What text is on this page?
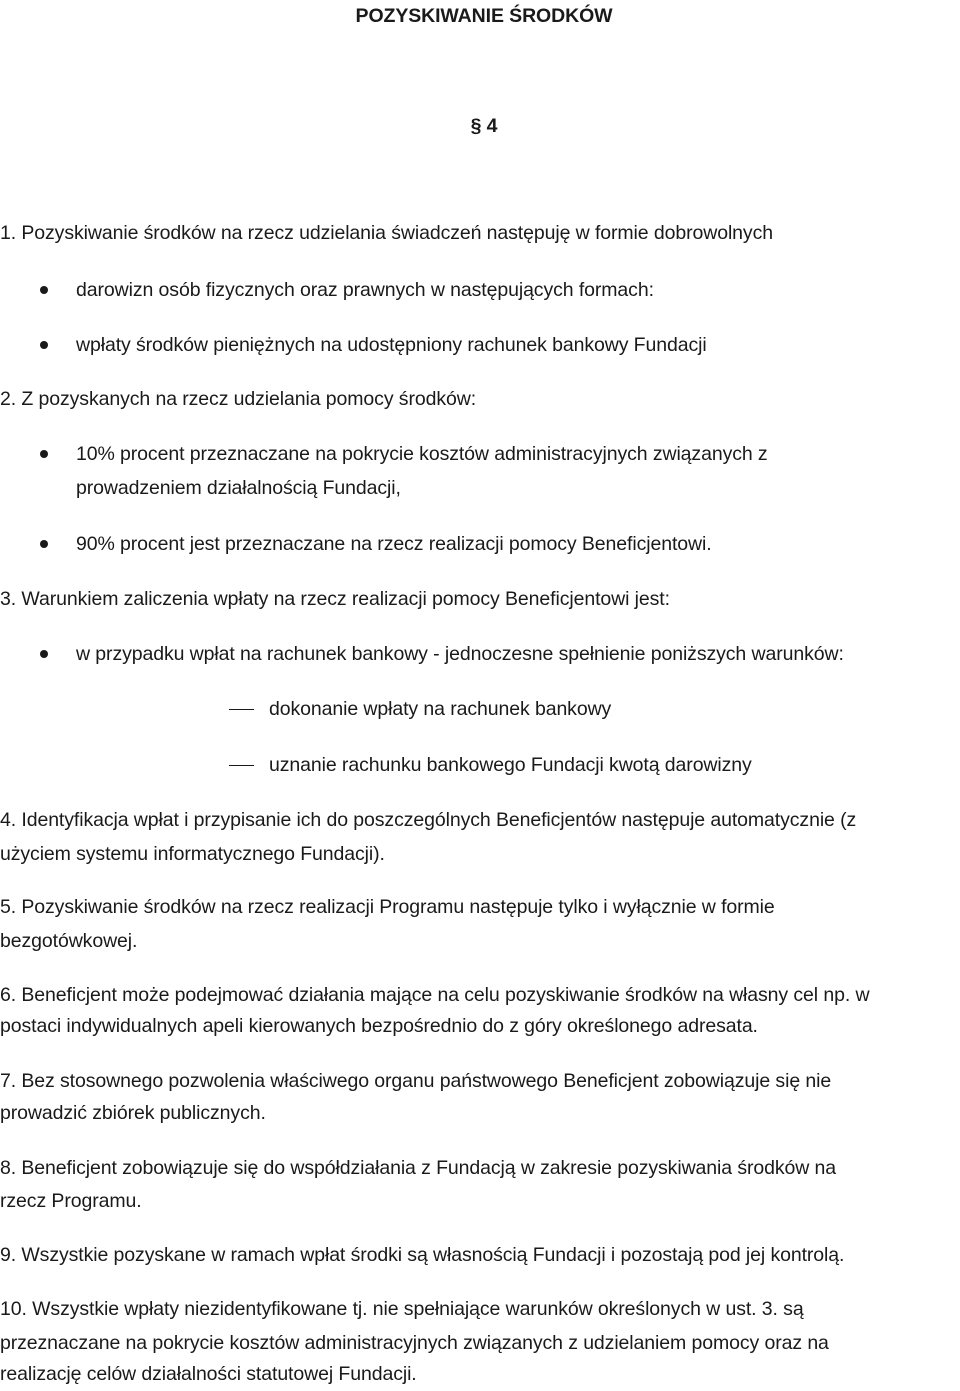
POZYSKIWANIE ŚRODKÓW
§ 4
1. Pozyskiwanie środków na rzecz udzielania świadczeń następuję w formie dobrowolnych
darowizn osób fizycznych oraz prawnych w następujących formach:
wpłaty środków pieniężnych na udostępniony rachunek bankowy Fundacji
2. Z pozyskanych na rzecz udzielania pomocy środków:
10% procent przeznaczane na pokrycie kosztów administracyjnych związanych z
prowadzeniem działalnością Fundacji,
90% procent jest przeznaczane na rzecz realizacji pomocy Beneficjentowi.
3. Warunkiem zaliczenia wpłaty na rzecz realizacji pomocy Beneficjentowi jest:
w przypadku wpłat na rachunek bankowy - jednoczesne spełnienie poniższych warunków:
dokonanie wpłaty na rachunek bankowy
uznanie rachunku bankowego Fundacji kwotą darowizny
4. Identyfikacja wpłat i przypisanie ich do poszczególnych Beneficjentów następuje automatycznie (z
użyciem systemu informatycznego Fundacji).
5. Pozyskiwanie środków na rzecz realizacji Programu następuje tylko i wyłącznie w formie
bezgotówkowej.
6. Beneficjent może podejmować działania mające na celu pozyskiwanie środków na własny cel np. w
postaci indywidualnych apeli kierowanych bezpośrednio do z góry określonego adresata.
7. Bez stosownego pozwolenia właściwego organu państwowego Beneficjent zobowiązuje się nie
prowadzić zbiórek publicznych.
8. Beneficjent zobowiązuje się do współdziałania z Fundacją w zakresie pozyskiwania środków na
rzecz Programu.
9. Wszystkie pozyskane w ramach wpłat środki są własnością Fundacji i pozostają pod jej kontrolą.
10. Wszystkie wpłaty niezidentyfikowane tj. nie spełniające warunków określonych w ust. 3. są
przeznaczane na pokrycie kosztów administracyjnych związanych z udzielaniem pomocy oraz na
realizację celów działalności statutowej Fundacji.
